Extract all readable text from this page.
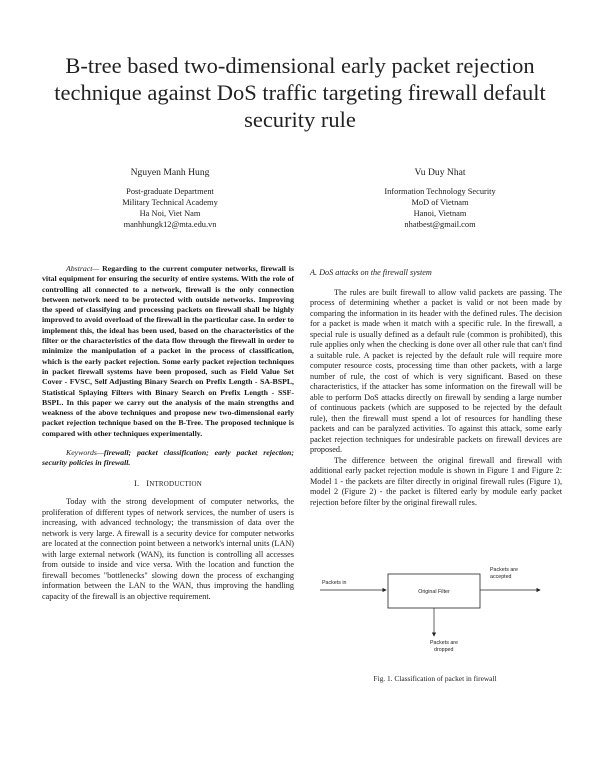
B-tree based two-dimensional early packet rejection technique against DoS traffic targeting firewall default security rule
Nguyen Manh Hung
Post-graduate Department
Military Technical Academy
Ha Noi, Viet Nam
manhhungk12@mta.edu.vn
Vu Duy Nhat
Information Technology Security
MoD of Vietnam
Hanoi, Vietnam
nhatbest@gmail.com

Abstract— Regarding to the current computer networks, firewall is vital equipment for ensuring the security of entire systems. With the role of controlling all connected to a network, firewall is the only connection between network need to be protected with outside networks. Improving the speed of classifying and processing packets on firewall shall be highly improved to avoid overload of the firewall in the particular case. In order to implement this, the ideal has been used, based on the characteristics of the filter or the characteristics of the data flow through the firewall in order to minimize the manipulation of a packet in the process of classification, which is the early packet rejection. Some early packet rejection techniques in packet firewall systems have been proposed, such as Field Value Set Cover - FVSC, Self Adjusting Binary Search on Prefix Length - SA-BSPL, Statistical Splaying Filters with Binary Search on Prefix Length - SSF-BSPL. In this paper we carry out the analysis of the main strengths and weakness of the above techniques and propose new two-dimensional early packet rejection technique based on the B-Tree. The proposed technique is compared with other techniques experimentally.

Keywords—firewall; packet classification; early packet rejection; security policies in firewall.

I. INTRODUCTION

Today with the strong development of computer networks, the proliferation of different types of network services, the number of users is increasing, with advanced technology; the transmission of data over the network is very large. A firewall is a security device for computer networks are located at the connection point between a network's internal units (LAN) with large external network (WAN), its function is controlling all accesses from outside to inside and vice versa. With the location and function the firewall becomes "bottlenecks" slowing down the process of exchanging information between the LAN to the WAN, thus improving the handling capacity of the firewall is an objective requirement.

A. DoS attacks on the firewall system

The rules are built firewall to allow valid packets are passing. The process of determining whether a packet is valid or not been made by comparing the information in its header with the defined rules. The decision for a packet is made when it match with a specific rule. In the firewall, a special rule is usually defined as a default rule (common is prohibited), this rule applies only when the checking is done over all other rule that can't find a suitable rule. A packet is rejected by the default rule will require more computer resource costs, processing time than other packets, with a large number of rule, the cost of which is very significant. Based on these characteristics, if the attacker has some information on the firewall will be able to perform DoS attacks directly on firewall by sending a large number of continuous packets (which are supposed to be rejected by the default rule), then the firewall must spend a lot of resources for handling these packets and can be paralyzed activities. To against this attack, some early packet rejection techniques for undesirable packets on firewall devices are proposed.

The difference between the original firewall and firewall with additional early packet rejection module is shown in Figure 1 and Figure 2: Model 1 - the packets are filter directly in original firewall rules (Figure 1), model 2 (Figure 2) - the packet is filtered early by module early packet rejection before filter by the original firewall rules.

Packets in
Original Filter
Packets are
accepted
Packets are
dropped
Fig. 1. Classification of packet in firewall
